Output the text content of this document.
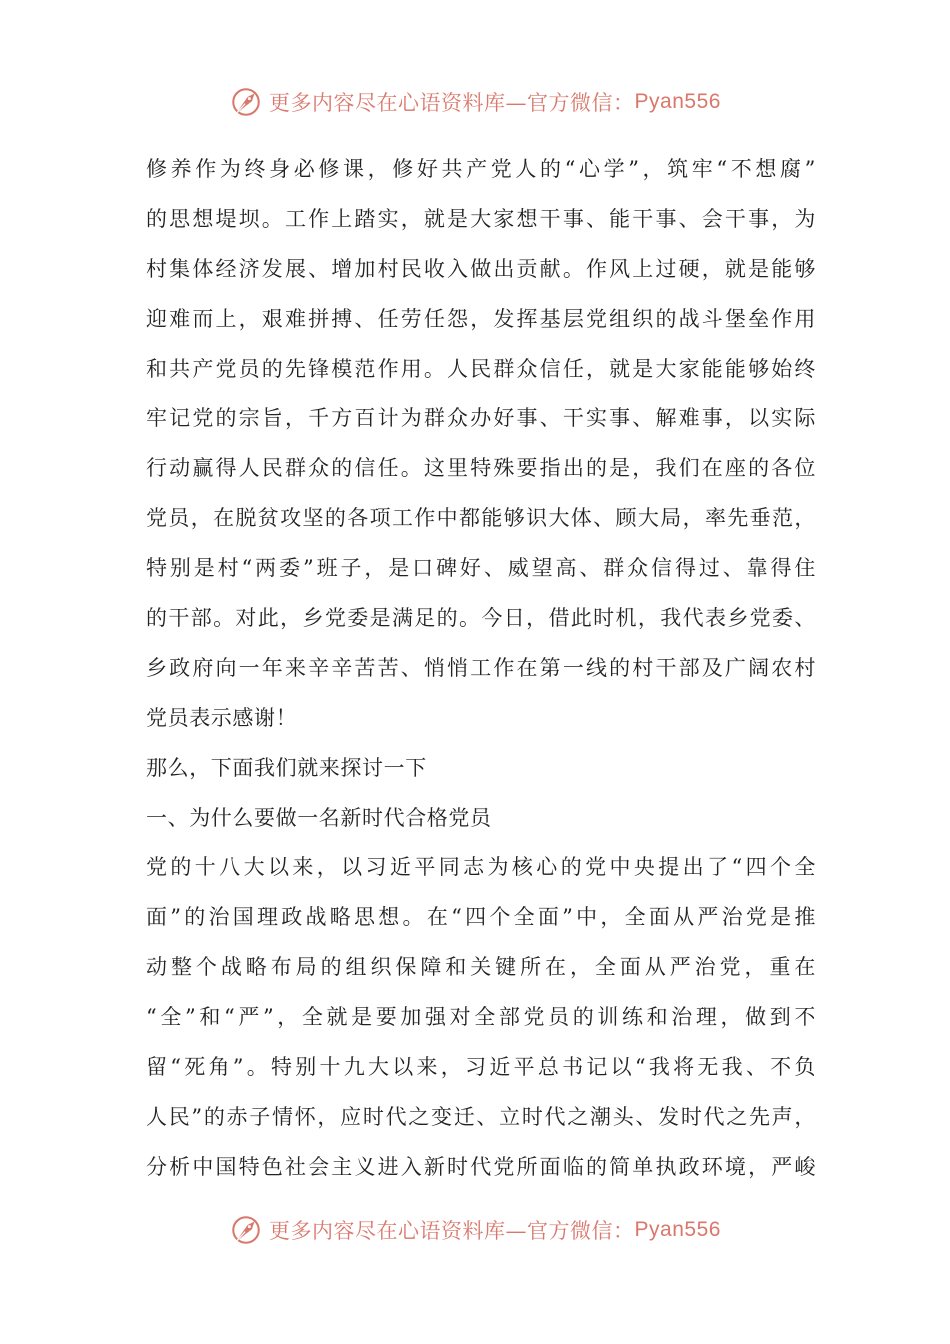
更多内容尽在心语资料库—官方微信： Pyan556
修养作为终身必修课，修好共产党人的“心学”，筑牢“不想腐”
的思想堤坝。工作上踏实，就是大家想干事、能干事、会干事，为
村集体经济发展、增加村民收入做出贡献。作风上过硬，就是能够
迎难而上，艰难拼搏、任劳任怨，发挥基层党组织的战斗堡垒作用
和共产党员的先锋模范作用。人民群众信任，就是大家能能够始终
牢记党的宗旨，千方百计为群众办好事、干实事、解难事，以实际
行动赢得人民群众的信任。这里特殊要指出的是，我们在座的各位
党员，在脱贫攻坚的各项工作中都能够识大体、顾大局，率先垂范，
特别是村“两委”班子，是口碑好、威望高、群众信得过、靠得住
的干部。对此，乡党委是满足的。今日，借此时机，我代表乡党委、
乡政府向一年来辛辛苦苦、悄悄工作在第一线的村干部及广阔农村
党员表示感谢！
那么，下面我们就来探讨一下
一、为什么要做一名新时代合格党员
党的十八大以来，以习近平同志为核心的党中央提出了“四个全
面”的治国理政战略思想。在“四个全面”中，全面从严治党是推
动整个战略布局的组织保障和关键所在，全面从严治党，重在
“全”和“严”，全就是要加强对全部党员的训练和治理，做到不
留“死角”。特别十九大以来，习近平总书记以“我将无我、不负
人民”的赤子情怀，应时代之变迁、立时代之潮头、发时代之先声，
分析中国特色社会主义进入新时代党所面临的简单执政环境，严峻
更多内容尽在心语资料库—官方微信： Pyan556
